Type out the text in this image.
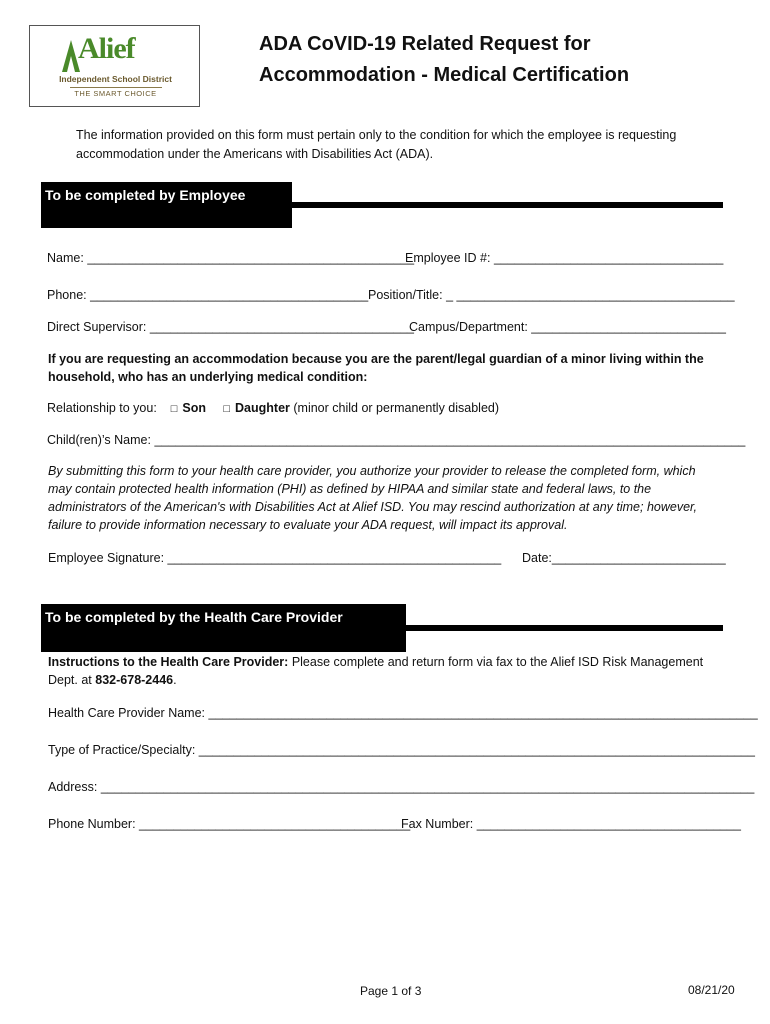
Alief
Independent School District
THE SMART CHOICE
ADA CoVID-19 Related Request for
Accommodation - Medical Certification
The information provided on this form must pertain only to the condition for which the employee is requesting accommodation under the Americans with Disabilities Act (ADA).
To be completed by Employee
Name: _______________________________________________
Employee ID #: _________________________________
Phone: ________________________________________ Position/Title: _ ________________________________________
Direct Supervisor: ______________________________________
Campus/Department: ____________________________
If you are requesting an accommodation because you are the parent/legal guardian of a minor living within the household, who has an underlying medical condition:
Relationship to you: □ Son □ Daughter (minor child or permanently disabled)
Child(ren)’s Name: _____________________________________________________________________________________
By submitting this form to your health care provider, you authorize your provider to release the completed form, which may contain protected health information (PHI) as defined by HIPAA and similar state and federal laws, to the administrators of the American's with Disabilities Act at Alief ISD. You may rescind authorization at any time; however, failure to provide information necessary to evaluate your ADA request, will impact its approval.
Employee Signature: ________________________________________________ Date:_________________________
To be completed by the Health Care Provider
Instructions to the Health Care Provider: Please complete and return form via fax to the Alief ISD Risk Management Dept. at 832-678-2446.
Health Care Provider Name: _______________________________________________________________________________
Type of Practice/Specialty: ________________________________________________________________________________
Address: ______________________________________________________________________________________________
Phone Number: _______________________________________
Fax Number: ______________________________________
Page 1 of 3	08/21/20
